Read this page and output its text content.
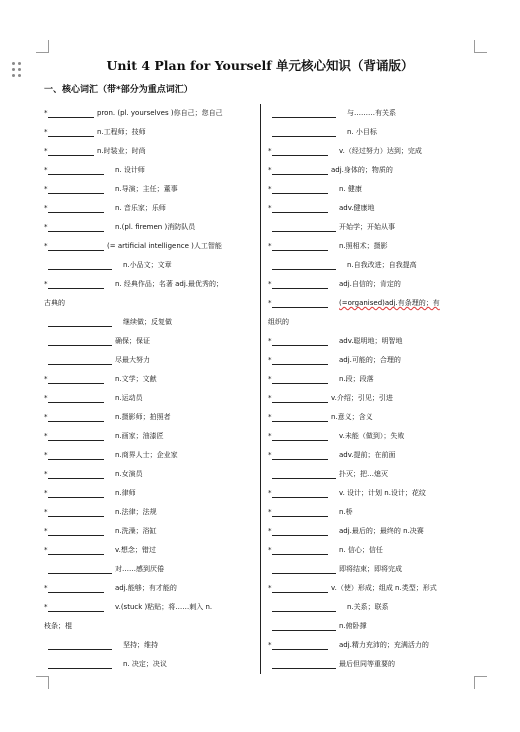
Unit 4 Plan for Yourself 单元核心知识（背诵版）
一、核心词汇（带*部分为重点词汇）
*	pron. (pl. yourselves )你自己；您自己
*	n.工程师；技师
*	n.时装业；时尚
*	n. 设计师
*	n.导演；主任；董事
*	n. 音乐家；乐师
*	n.(pl. firemen )消防队员
*	(= artificial intelligence )人工智能
n.小品文；文章
*	n. 经典作品；名著 adj.最优秀的；
古典的
继续做；反复做
确保；保证
尽最大努力
*	n.文学；文献
*	n.运动员
*	n.摄影师；拍照者
*	n.画家；油漆匠
*	n.商界人士；企业家
*	n.女演员
*	n.律师
*	n.法律；法规
*	n.洗澡；浴缸
*	v.想念；错过
对……感到厌倦
*	adj.能够；有才能的
*	v.(stuck )粘贴；将……刺入 n.
枝条；棍
坚持；维持
n. 决定；决议
与………有关系
n. 小目标
*	v.（经过努力）达到；完成
*	adj.身体的；物质的
*	n. 健康
*	adv.健康地
开始学；开始从事
*	n.照相术；摄影
n.自我改进；自我提高
*	adj.自信的；肯定的
*	(=organised)adj.有条理的；有
组织的
*	adv.聪明地；明智地
*	adj.可能的；合理的
*	n.段；段落
*	v.介绍；引见；引进
*	n.意义；含义
*	v.未能（做到）；失败
*	adv.提前；在前面
扑灭；把…熄灭
*	v. 设计；计划 n.设计；花纹
*	n.桥
*	adj.最后的；最终的 n.决赛
*	n. 信心；信任
即将结束；即将完成
*	v.（使）形成；组成 n.类型；形式
n.关系；联系
n.俯卧撑
*	adj.精力充沛的；充满活力的
最后但同等重要的
